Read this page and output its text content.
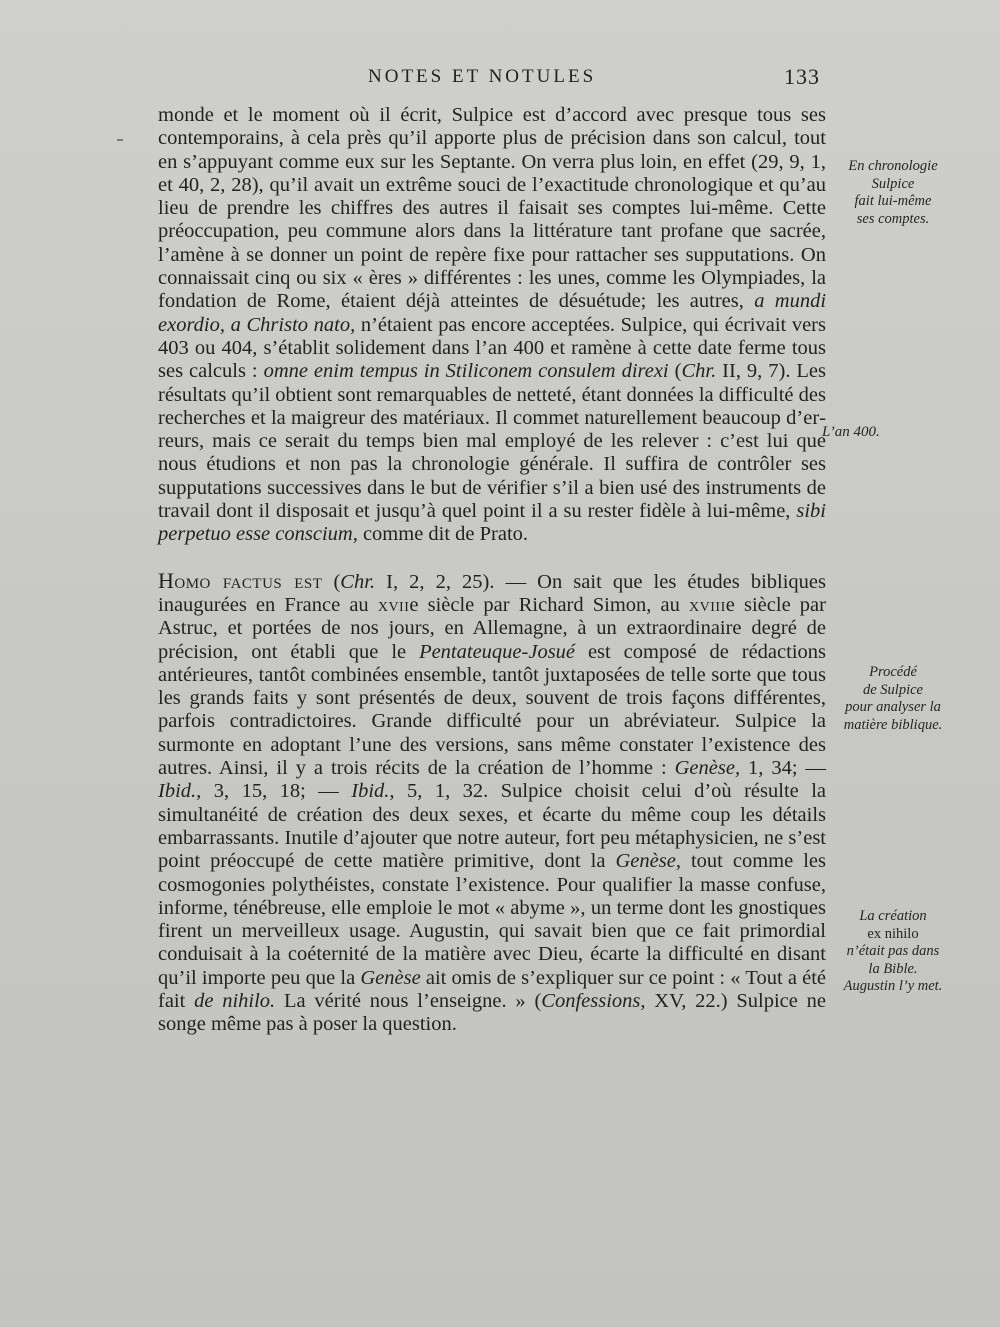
NOTES ET NOTULES	133

monde et le moment où il écrit, Sulpice est d’accord avec presque tous ses contemporains, à cela près qu’il apporte plus de précision dans son calcul, tout en s’appuyant comme eux sur les Septante. On verra plus loin, en effet (29, 9, 1, et 40, 2, 28), qu’il avait un extrême souci de l’exactitude chronologique et qu’au lieu de prendre les chiffres des autres il faisait ses comptes lui-même. Cette préoccupation, peu commune alors dans la littérature tant profane que sacrée, l’amène à se donner un point de repère fixe pour rattacher ses supputations. On connaissait cinq ou six « ères » différentes : les unes, comme les Olympiades, la fondation de Rome, étaient déjà atteintes de désuétude; les autres, a mundi exordio, a Christo nato, n’étaient pas encore acceptées. Sulpice, qui écrivait vers 403 ou 404, s’établit solidement dans l’an 400 et ramène à cette date ferme tous ses calculs : omne enim tempus in Stiliconem consulem direxi (Chr. II, 9, 7). Les résultats qu’il obtient sont remarquables de netteté, étant données la difficulté des recherches et la maigreur des matériaux. Il commet naturellement beaucoup d’erreurs, mais ce serait du temps bien mal employé de les relever : c’est lui que nous étudions et non pas la chronologie générale. Il suffira de contrôler ses supputations successives dans le but de vérifier s’il a bien usé des instruments de travail dont il disposait et jusqu’à quel point il a su rester fidèle à lui-même, sibi perpetuo esse conscium, comme dit de Prato.

Homo factus est (Chr. I, 2, 2, 25). — On sait que les études bibliques inaugurées en France au xviie siècle par Richard Simon, au xviiie siècle par Astruc, et portées de nos jours, en Allemagne, à un extraordinaire degré de précision, ont établi que le Pentateuque-Josué est composé de rédactions antérieures, tantôt combinées ensemble, tantôt juxtaposées de telle sorte que tous les grands faits y sont présentés de deux, souvent de trois façons différentes, parfois contradictoires. Grande difficulté pour un abréviateur. Sulpice la surmonte en adoptant l’une des versions, sans même constater l’existence des autres. Ainsi, il y a trois récits de la création de l’homme : Genèse, 1, 34; — Ibid., 3, 15, 18; — Ibid., 5, 1, 32. Sulpice choisit celui d’où résulte la simultanéité de création des deux sexes, et écarte du même coup les détails embarrassants. Inutile d’ajouter que notre auteur, fort peu métaphysicien, ne s’est point préoccupé de cette matière primitive, dont la Genèse, tout comme les cosmogonies polythéistes, constate l’existence. Pour qualifier la masse confuse, informe, ténébreuse, elle emploie le mot « abyme », un terme dont les gnostiques firent un merveilleux usage. Augustin, qui savait bien que ce fait primordial conduisait à la coéternité de la matière avec Dieu, écarte la difficulté en disant qu’il importe peu que la Genèse ait omis de s’expliquer sur ce point : « Tout a été fait de nihilo. La vérité nous l’enseigne. » (Confessions, XV, 22.) Sulpice ne songe même pas à poser la question.

En chronologie
Sulpice
fait lui-même
ses comptes.
L’an 400.
Procédé
de Sulpice
pour analyser la
matière biblique.
La création
ex nihilo
n’était pas dans
la Bible.
Augustin l’y met.
